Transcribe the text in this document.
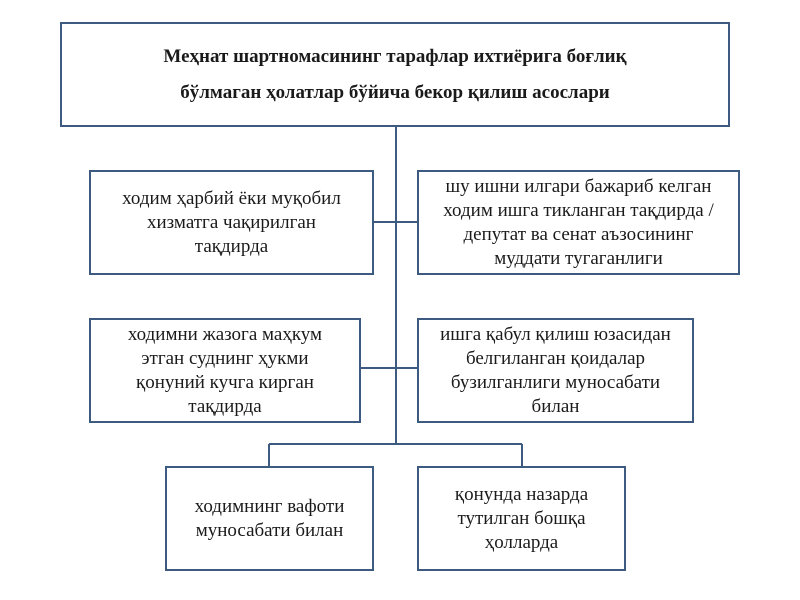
Меҳнат шартномасининг тарафлар ихтиёрига боғлиқ
бўлмаган ҳолатлар бўйича бекор қилиш асослари
ходим ҳарбий ёки муқобил
хизматга чақирилган
тақдирда
шу ишни илгари бажариб келган
ходим ишга тикланган тақдирда /
депутат ва сенат аъзосининг
муддати тугаганлиги
ходимни жазога маҳкум
этган суднинг ҳукми
қонуний кучга кирган
тақдирда
ишга қабул қилиш юзасидан
белгиланган қоидалар
бузилганлиги муносабати
билан
ходимнинг вафоти
муносабати билан
қонунда назарда
тутилган бошқа
ҳолларда
